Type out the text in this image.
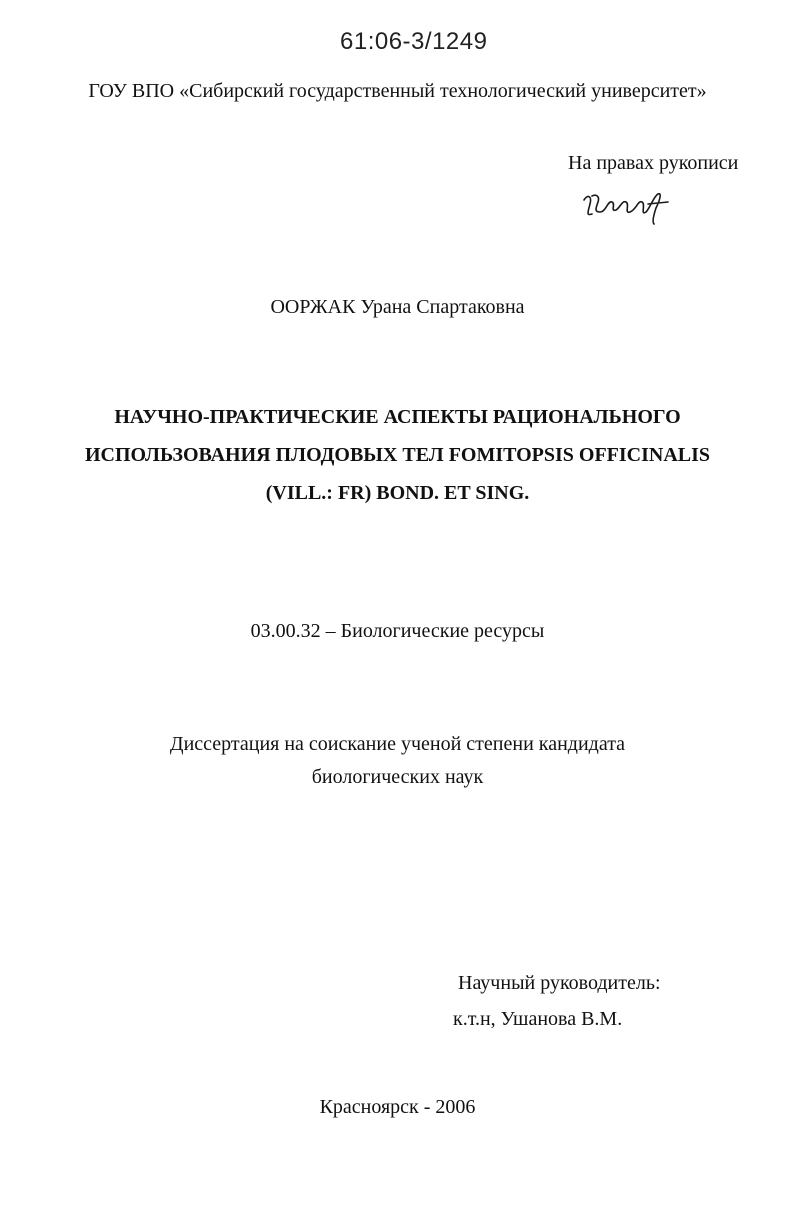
61:06-3/1249
ГОУ ВПО «Сибирский государственный технологический университет»
На правах рукописи
ООРЖАК Урана Спартаковна
НАУЧНО-ПРАКТИЧЕСКИЕ АСПЕКТЫ РАЦИОНАЛЬНОГО
ИСПОЛЬЗОВАНИЯ ПЛОДОВЫХ ТЕЛ FOMITOPSIS OFFICINALIS
(VILL.: FR) BOND. ET SING.
03.00.32 – Биологические ресурсы
Диссертация на соискание ученой степени кандидата
биологических наук
Научный руководитель:
к.т.н, Ушанова В.М.
Красноярск - 2006
